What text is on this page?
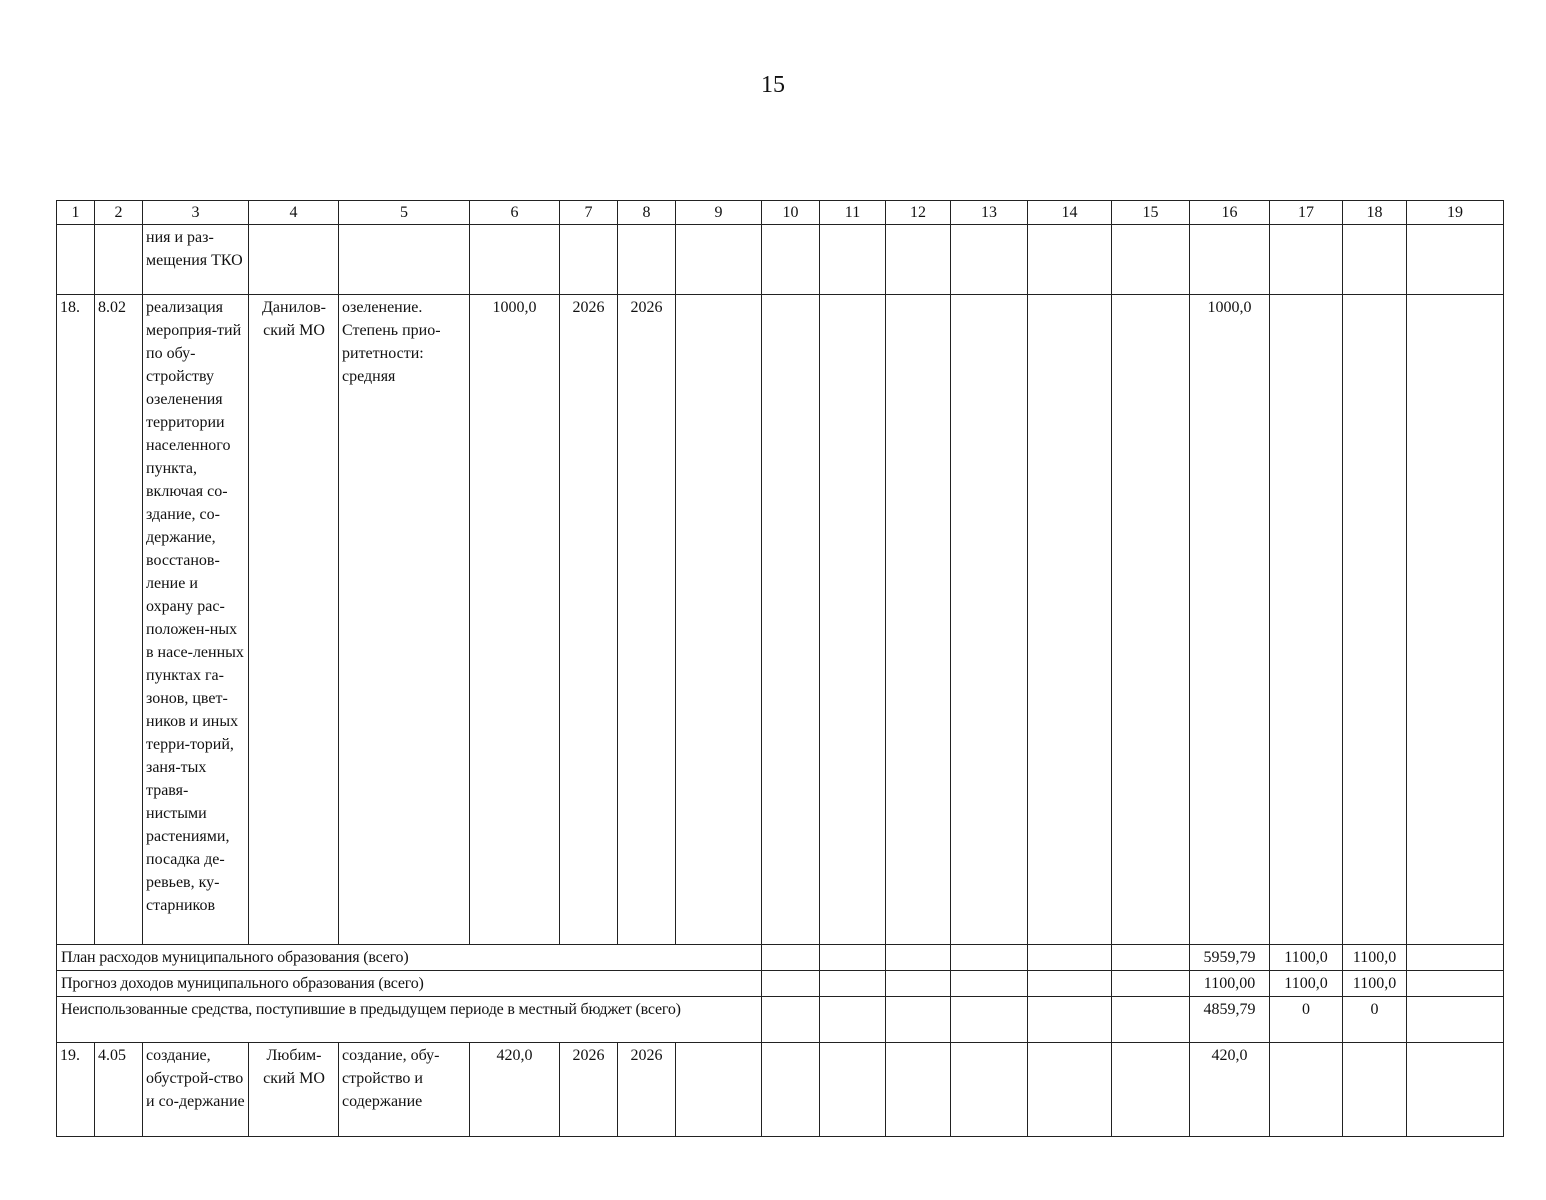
15
1	2	3	4	5	6	7	8	9	10	11	12	13	14	15	16	17	18	19
		ния и раз-мещения ТКО																
18.	8.02	реализация мероприя-тий по обу-стройству озеленения территории населенного пункта, включая со-здание, со-держание, восстанов-ление и охрану рас-положен-ных в насе-ленных пунктах га-зонов, цвет-ников и иных терри-торий, заня-тых травя-нистыми растениями, посадка де-ревьев, ку-старников	Данилов-ский МО	озеленение. Степень прио-ритетности: средняя	1000,0	2026	2026								1000,0			
План расходов муниципального образования (всего)															5959,79	1100,0	1100,0	
Прогноз доходов муниципального образования (всего)															1100,00	1100,0	1100,0	
Неиспользованные средства, поступившие в предыдущем периоде в местный бюджет (всего)															4859,79	0	0	
19.	4.05	создание, обустрой-ство и со-держание	Любим-ский МО	создание, обу-стройство и содержание	420,0	2026	2026								420,0			
